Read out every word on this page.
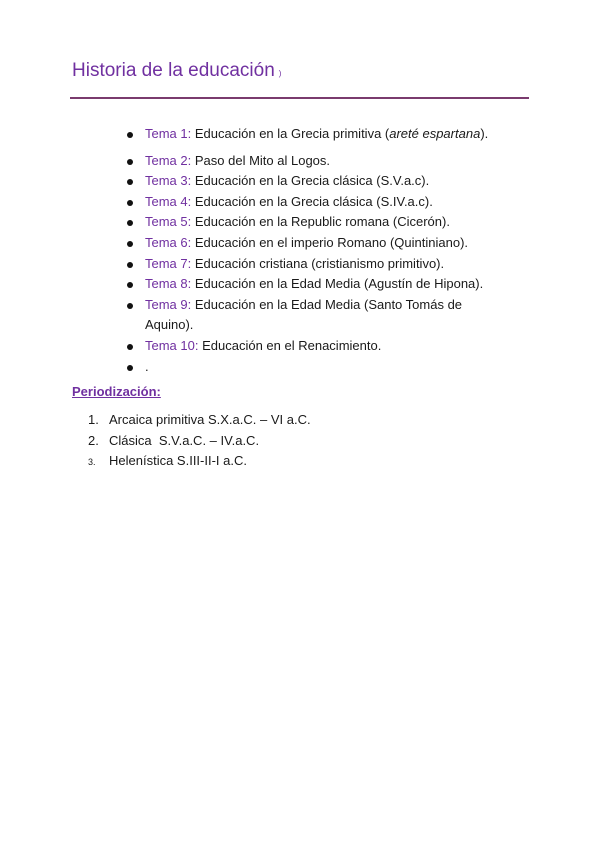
Historia de la educación )
Tema 1: Educación en la Grecia primitiva (areté espartana).
Tema 2: Paso del Mito al Logos.
Tema 3: Educación en la Grecia clásica (S.V.a.c).
Tema 4: Educación en la Grecia clásica (S.IV.a.c).
Tema 5: Educación en la Republic romana (Cicerón).
Tema 6: Educación en el imperio Romano (Quintiniano).
Tema 7: Educación cristiana (cristianismo primitivo).
Tema 8: Educación en la Edad Media (Agustín de Hipona).
Tema 9: Educación en la Edad Media (Santo Tomás de Aquino).
Tema 10: Educación en el Renacimiento.
.
Periodización:
1. Arcaica primitiva S.X.a.C. – VI a.C.
2. Clásica  S.V.a.C. – IV.a.C.
3. Helenística S.III-II-I a.C.
